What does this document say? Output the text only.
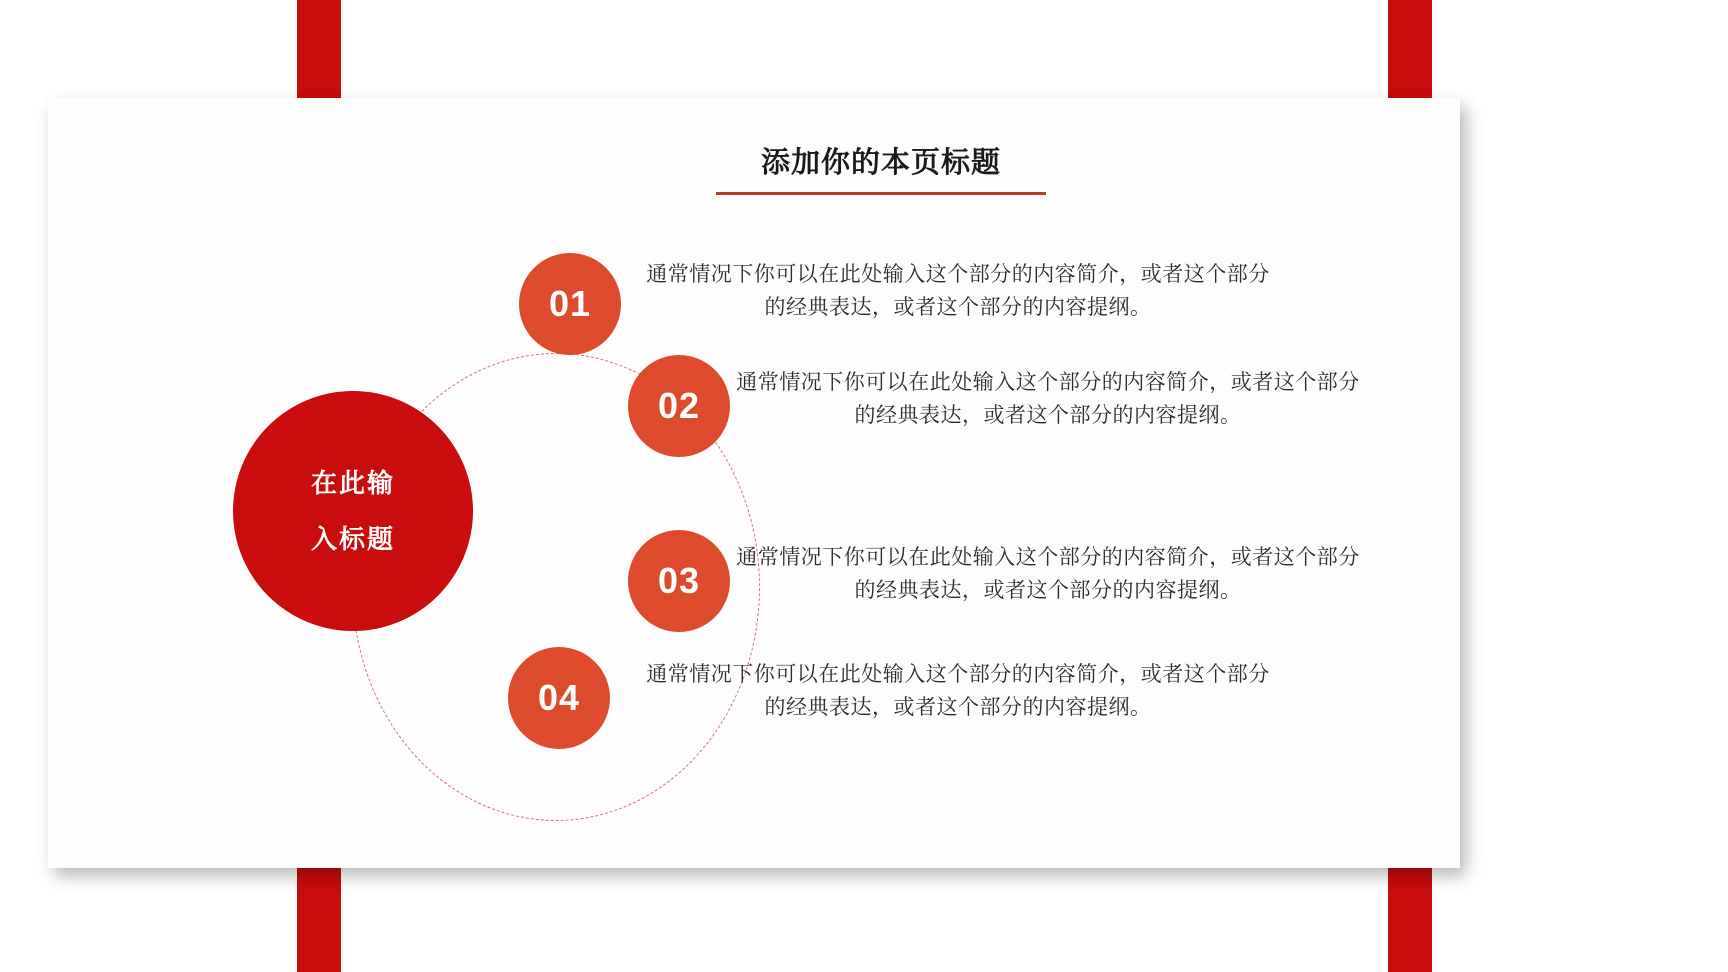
添加你的本页标题
在此输
入标题
01
02
03
04
通常情况下你可以在此处输入这个部分的内容简介，或者这个部分的经典表达，或者这个部分的内容提纲。
通常情况下你可以在此处输入这个部分的内容简介，或者这个部分的经典表达，或者这个部分的内容提纲。
通常情况下你可以在此处输入这个部分的内容简介，或者这个部分的经典表达，或者这个部分的内容提纲。
通常情况下你可以在此处输入这个部分的内容简介，或者这个部分的经典表达，或者这个部分的内容提纲。
